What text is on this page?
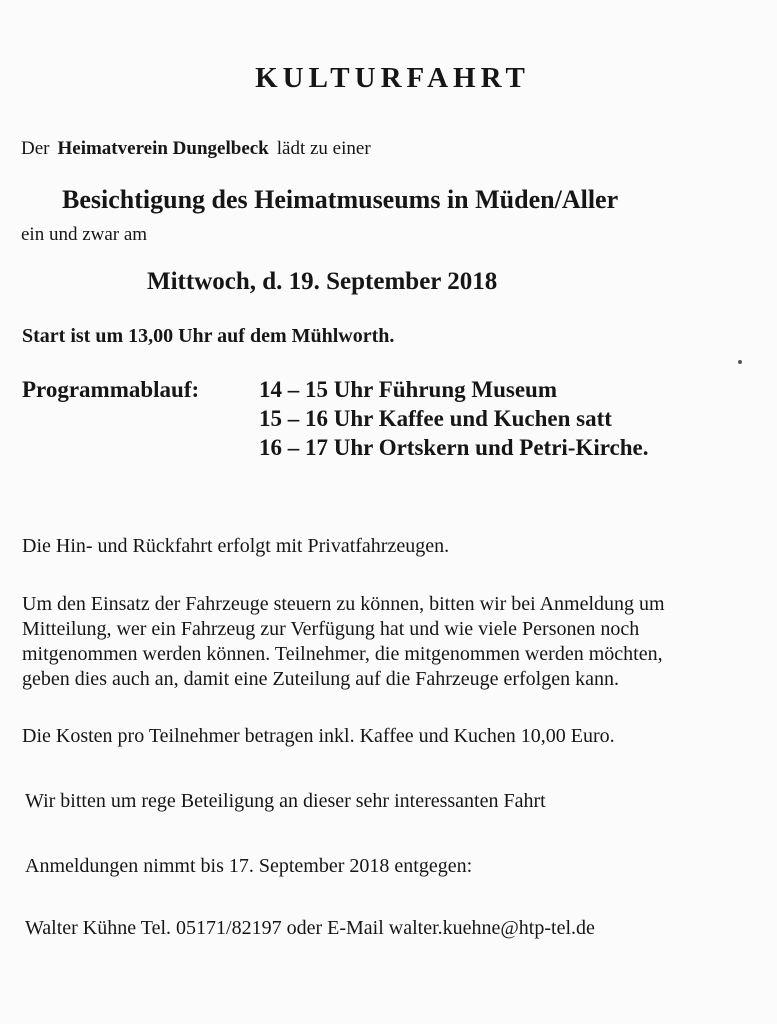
KULTURFAHRT
Der Heimatverein Dungelbeck lädt zu einer
Besichtigung des Heimatmuseums in Müden/Aller
ein und zwar am
Mittwoch, d. 19. September 2018
Start ist um 13,00 Uhr auf dem Mühlworth.
Programmablauf:	14 – 15 Uhr Führung Museum
15 – 16 Uhr Kaffee und Kuchen satt
16 – 17 Uhr Ortskern und Petri-Kirche.
Die Hin- und Rückfahrt erfolgt mit Privatfahrzeugen.
Um den Einsatz der Fahrzeuge steuern zu können, bitten wir bei Anmeldung um
Mitteilung, wer ein Fahrzeug zur Verfügung hat und wie viele Personen noch
mitgenommen werden können. Teilnehmer, die mitgenommen werden möchten,
geben dies auch an, damit eine Zuteilung auf die Fahrzeuge erfolgen kann.
Die Kosten pro Teilnehmer betragen inkl. Kaffee und Kuchen 10,00 Euro.
Wir bitten um rege Beteiligung an dieser sehr interessanten Fahrt
Anmeldungen nimmt bis 17. September 2018 entgegen:
Walter Kühne Tel. 05171/82197 oder E-Mail walter.kuehne@htp-tel.de
